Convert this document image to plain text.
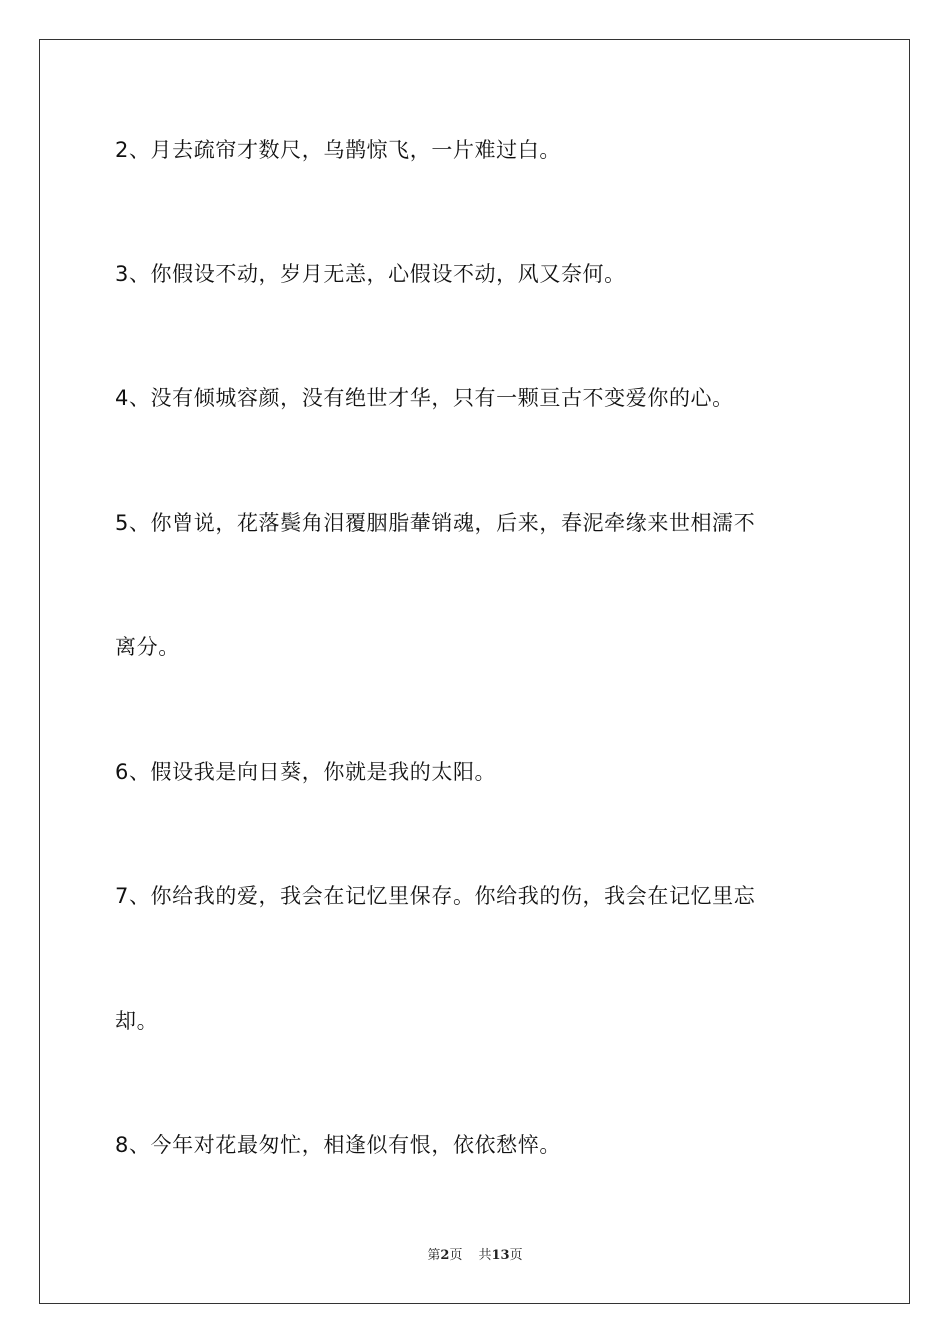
2、月去疏帘才数尺，乌鹊惊飞，一片难过白。
3、你假设不动，岁月无恙，心假设不动，风又奈何。
4、没有倾城容颜，没有绝世才华，只有一颗亘古不变爱你的心。
5、你曾说，花落鬓角泪覆胭脂輂销魂，后来，春泥牵缘来世相濡不
离分。
6、假设我是向日葵，你就是我的太阳。
7、你给我的爱，我会在记忆里保存。你给我的伤，我会在记忆里忘
却。
8、今年对花最匆忙，相逢似有恨，依依愁悴。
第2页 共13页
